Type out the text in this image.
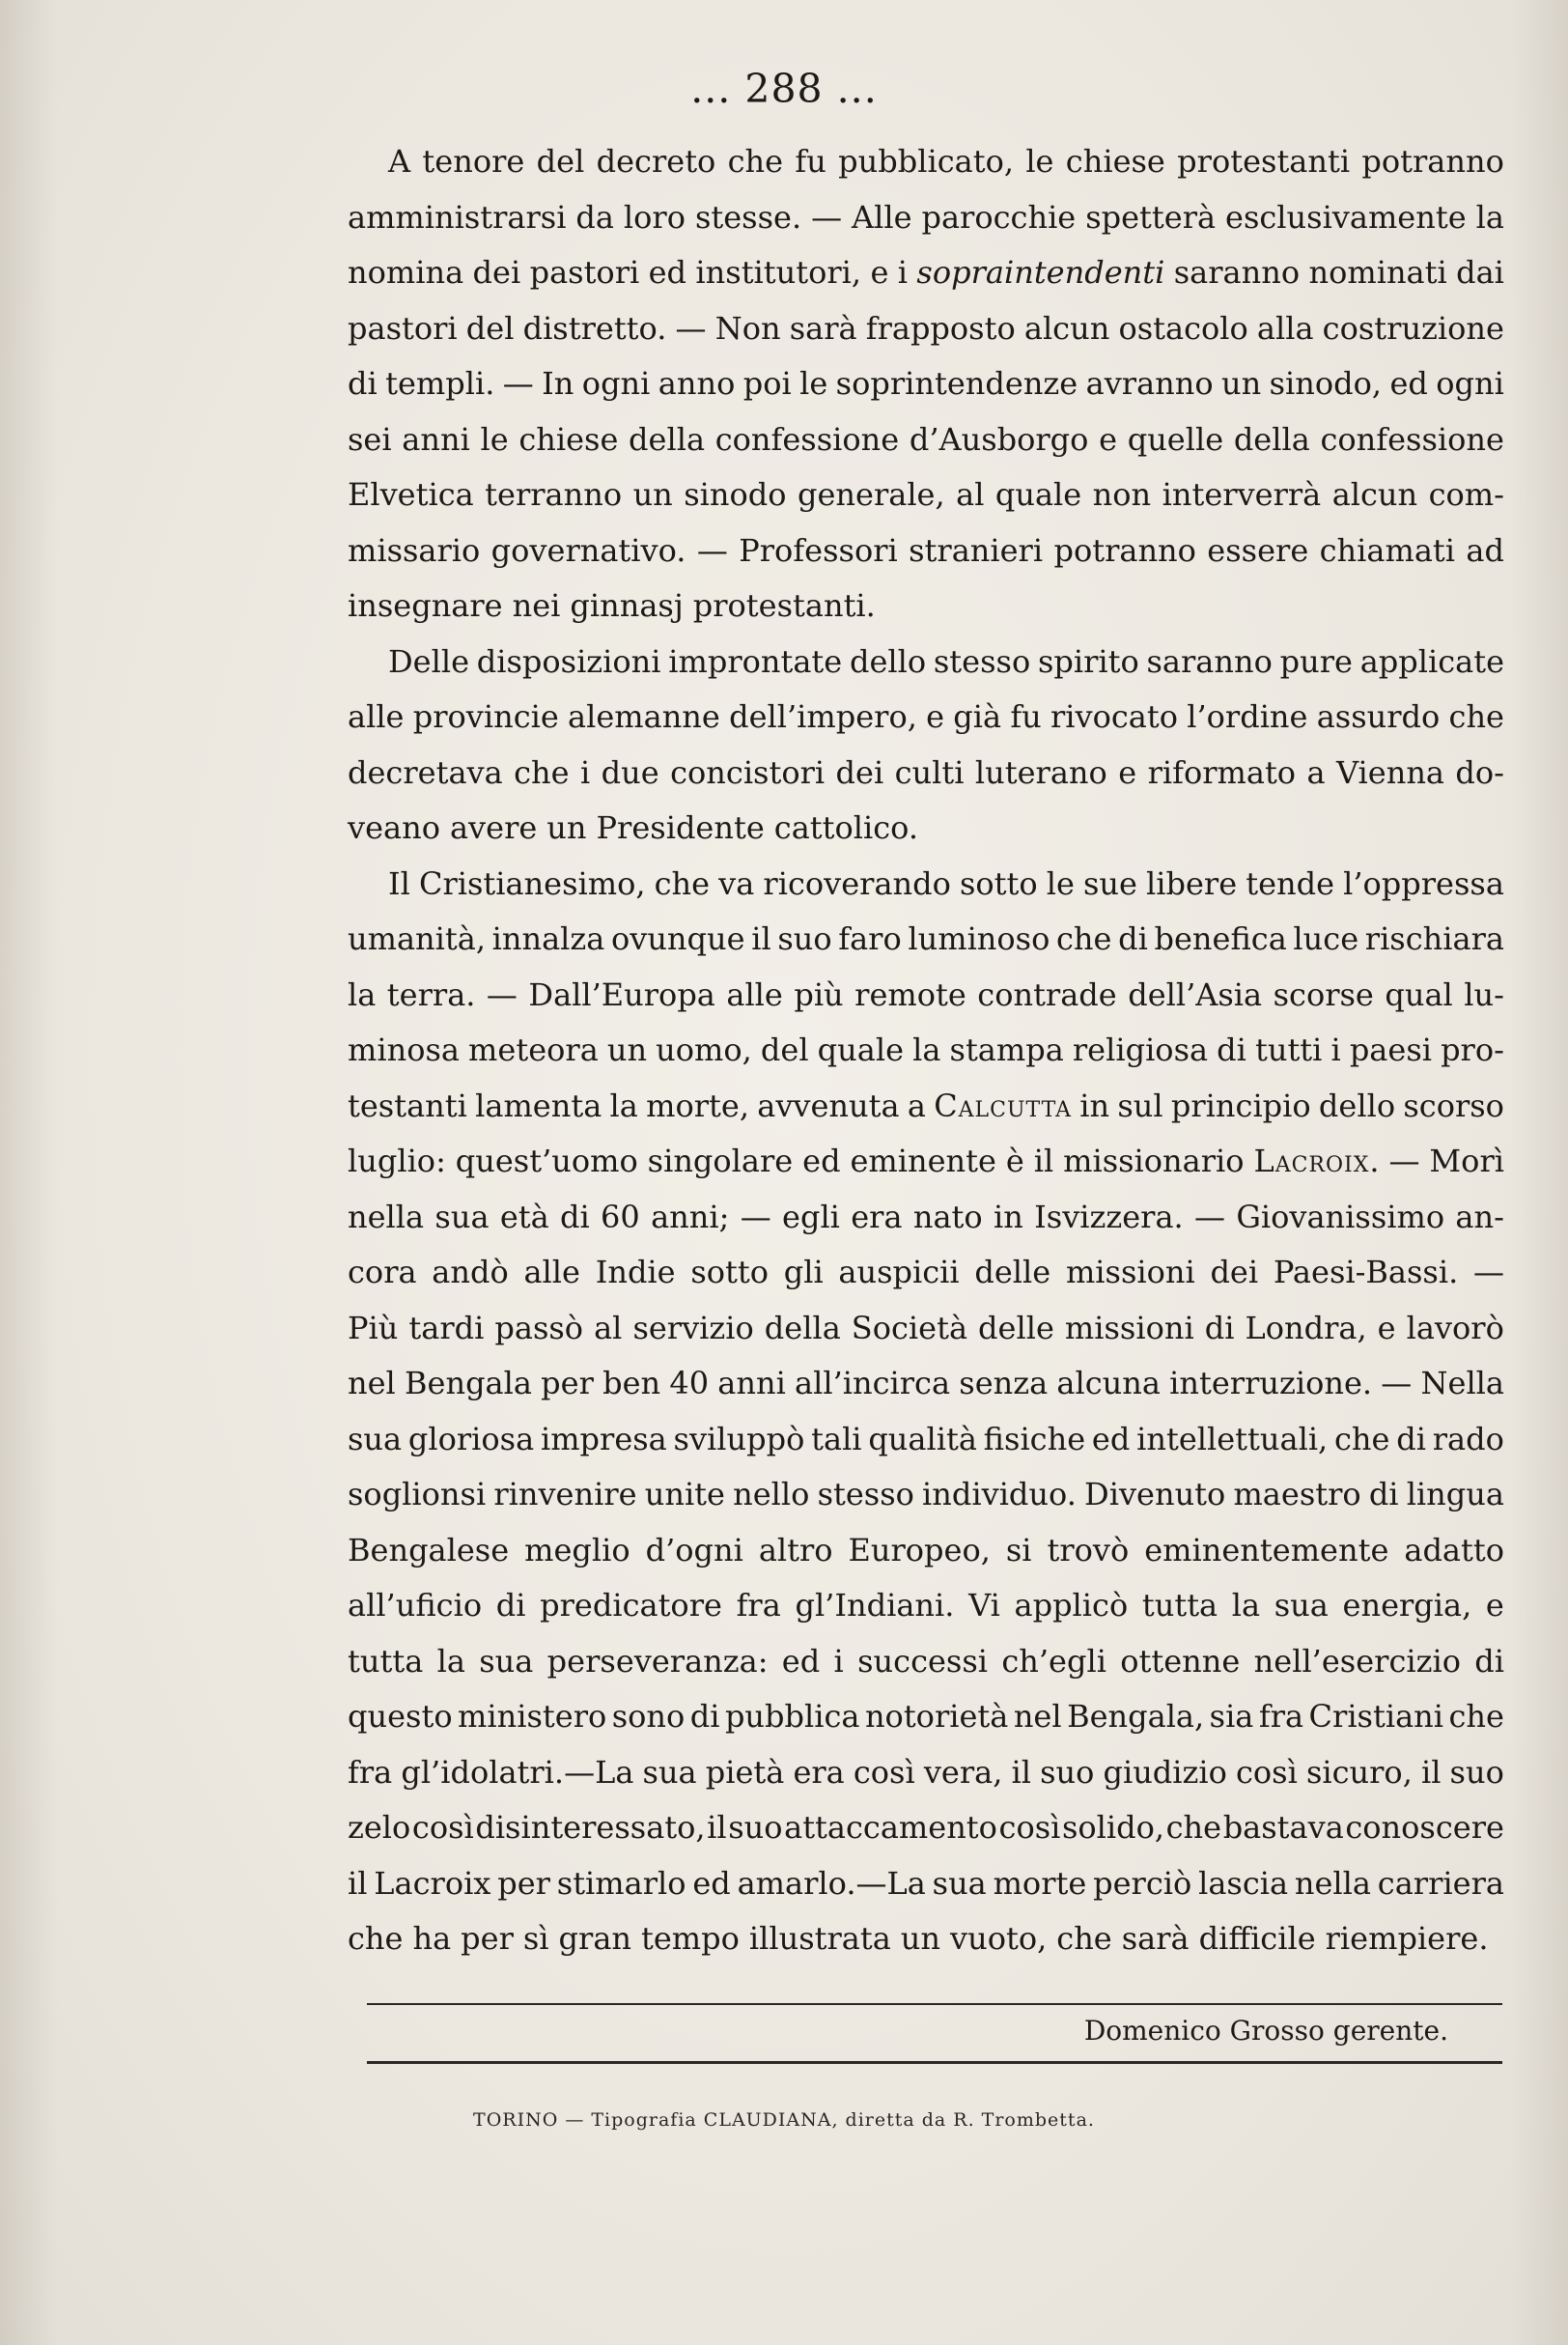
... 288 ...
A tenore del decreto che fu pubblicato, le chiese protestanti potranno
amministrarsi da loro stesse. — Alle parocchie spetterà esclusivamente la
nomina dei pastori ed institutori, e i sopraintendenti saranno nominati dai
pastori del distretto. — Non sarà frapposto alcun ostacolo alla costruzione
di templi. — In ogni anno poi le soprintendenze avranno un sinodo, ed ogni
sei anni le chiese della confessione d’Ausborgo e quelle della confessione
Elvetica terranno un sinodo generale, al quale non interverrà alcun com-
missario governativo. — Professori stranieri potranno essere chiamati ad
insegnare nei ginnasj protestanti.
Delle disposizioni improntate dello stesso spirito saranno pure applicate
alle provincie alemanne dell’impero, e già fu rivocato l’ordine assurdo che
decretava che i due concistori dei culti luterano e riformato a Vienna do-
veano avere un Presidente cattolico.
Il Cristianesimo, che va ricoverando sotto le sue libere tende l’oppressa
umanità, innalza ovunque il suo faro luminoso che di benefica luce rischiara
la terra. — Dall’Europa alle più remote contrade dell’Asia scorse qual lu-
minosa meteora un uomo, del quale la stampa religiosa di tutti i paesi pro-
testanti lamenta la morte, avvenuta a Calcutta in sul principio dello scorso
luglio: quest’uomo singolare ed eminente è il missionario Lacroix. — Morì
nella sua età di 60 anni; — egli era nato in Isvizzera. — Giovanissimo an-
cora andò alle Indie sotto gli auspicii delle missioni dei Paesi-Bassi. —
Più tardi passò al servizio della Società delle missioni di Londra, e lavorò
nel Bengala per ben 40 anni all’incirca senza alcuna interruzione. — Nella
sua gloriosa impresa sviluppò tali qualità fisiche ed intellettuali, che di rado
soglionsi rinvenire unite nello stesso individuo. Divenuto maestro di lingua
Bengalese meglio d’ogni altro Europeo, si trovò eminentemente adatto
all’uficio di predicatore fra gl’Indiani. Vi applicò tutta la sua energia, e
tutta la sua perseveranza: ed i successi ch’egli ottenne nell’esercizio di
questo ministero sono di pubblica notorietà nel Bengala, sia fra Cristiani che
fra gl’idolatri.—La sua pietà era così vera, il suo giudizio così sicuro, il suo
zelo così disinteressato, il suo attaccamento così solido, che bastava conoscere
il Lacroix per stimarlo ed amarlo.—La sua morte perciò lascia nella carriera
che ha per sì gran tempo illustrata un vuoto, che sarà difficile riempiere.
Domenico Grosso gerente.
TORINO — Tipografia CLAUDIANA, diretta da R. Trombetta.
